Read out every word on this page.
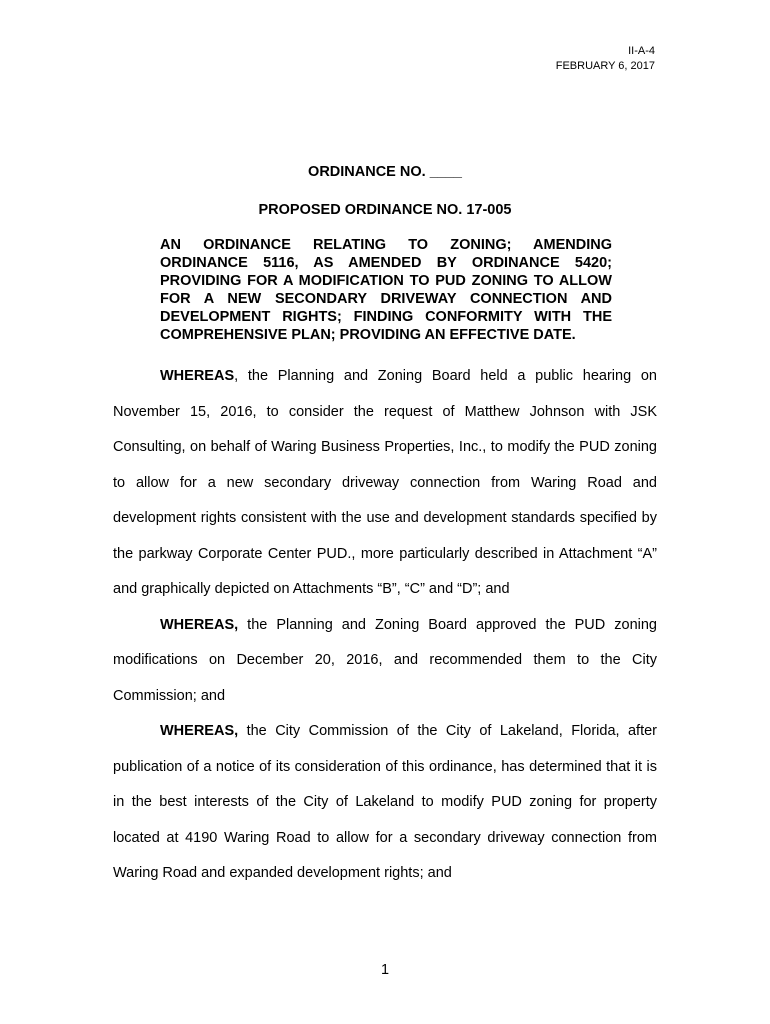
II-A-4
FEBRUARY 6, 2017
ORDINANCE NO. ____
PROPOSED ORDINANCE NO. 17-005
AN ORDINANCE RELATING TO ZONING; AMENDING ORDINANCE 5116, AS AMENDED BY ORDINANCE 5420; PROVIDING FOR A MODIFICATION TO PUD ZONING TO ALLOW FOR A NEW SECONDARY DRIVEWAY CONNECTION AND DEVELOPMENT RIGHTS; FINDING CONFORMITY WITH THE COMPREHENSIVE PLAN; PROVIDING AN EFFECTIVE DATE.

WHEREAS, the Planning and Zoning Board held a public hearing on November 15, 2016, to consider the request of Matthew Johnson with JSK Consulting, on behalf of Waring Business Properties, Inc., to modify the PUD zoning to allow for a new secondary driveway connection from Waring Road and development rights consistent with the use and development standards specified by the parkway Corporate Center PUD., more particularly described in Attachment “A” and graphically depicted on Attachments “B”, “C” and “D”; and

WHEREAS, the Planning and Zoning Board approved the PUD zoning modifications on December 20, 2016, and recommended them to the City Commission; and

WHEREAS, the City Commission of the City of Lakeland, Florida, after publication of a notice of its consideration of this ordinance, has determined that it is in the best interests of the City of Lakeland to modify PUD zoning for property located at 4190 Waring Road to allow for a secondary driveway connection from Waring Road and expanded development rights; and

1
